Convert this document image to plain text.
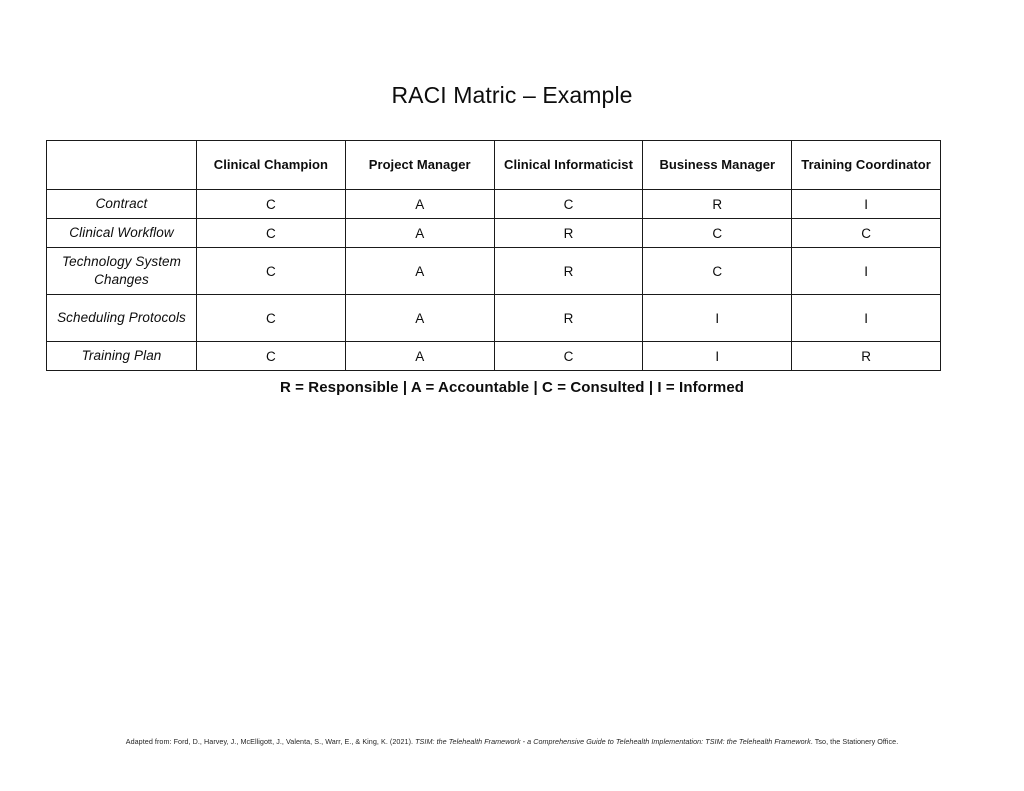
RACI Matric – Example
	Clinical Champion	Project Manager	Clinical Informaticist	Business Manager	Training Coordinator
Contract	C	A	C	R	I
Clinical Workflow	C	A	R	C	C
Technology System Changes	C	A	R	C	I
Scheduling Protocols	C	A	R	I	I
Training Plan	C	A	C	I	R
R = Responsible | A = Accountable | C = Consulted | I = Informed
Adapted from: Ford, D., Harvey, J., McElligott, J., Valenta, S., Warr, E., & King, K. (2021). TSIM: the Telehealth Framework - a Comprehensive Guide to Telehealth Implementation: TSIM: the Telehealth Framework. Tso, the Stationery Office.
